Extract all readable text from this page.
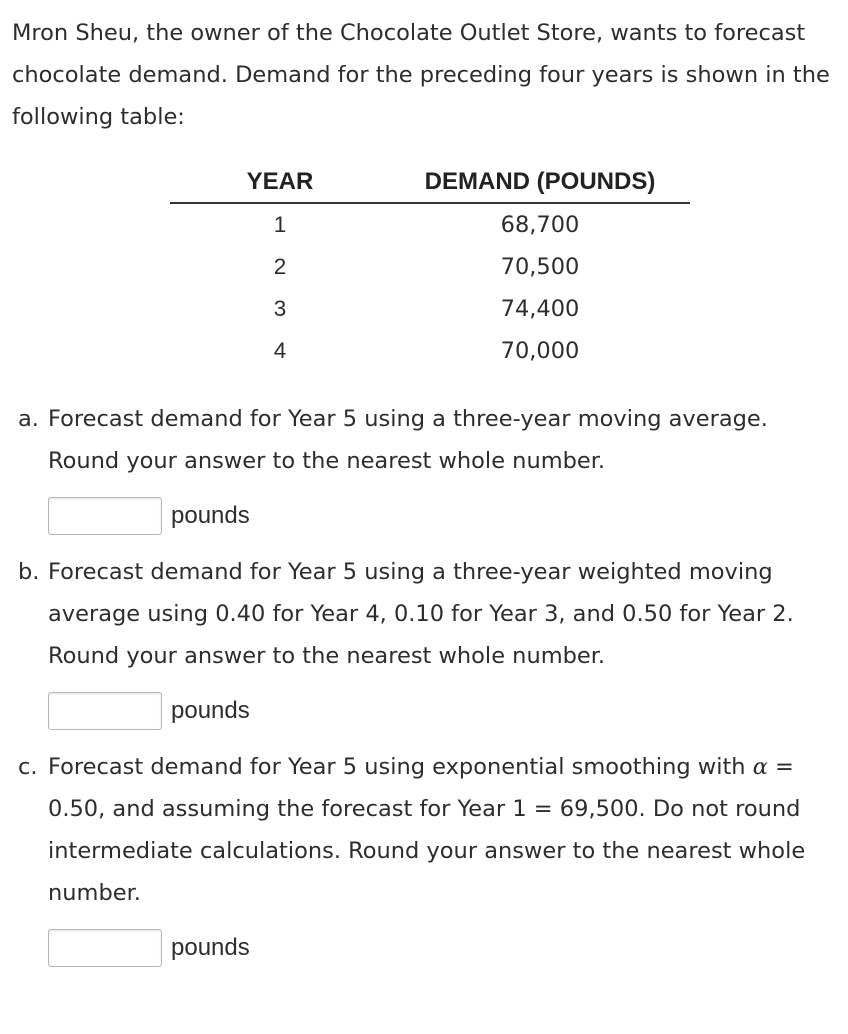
Mron Sheu, the owner of the Chocolate Outlet Store, wants to forecast chocolate demand. Demand for the preceding four years is shown in the following table:

YEAR	DEMAND (POUNDS)
1	68,700
2	70,500
3	74,400
4	70,000
a. Forecast demand for Year 5 using a three-year moving average. Round your answer to the nearest whole number.
pounds
b. Forecast demand for Year 5 using a three-year weighted moving average using 0.40 for Year 4, 0.10 for Year 3, and 0.50 for Year 2. Round your answer to the nearest whole number.
pounds
c. Forecast demand for Year 5 using exponential smoothing with α = 0.50, and assuming the forecast for Year 1 = 69,500. Do not round intermediate calculations. Round your answer to the nearest whole number.
pounds
